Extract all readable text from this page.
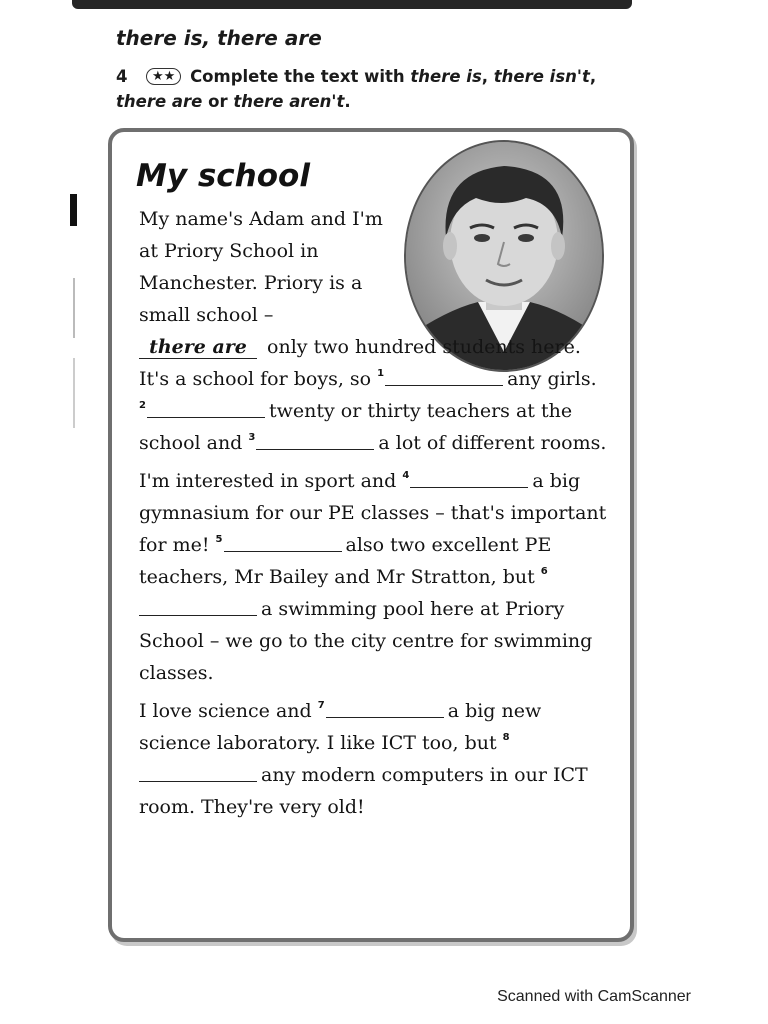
there is, there are
4 ★★ Complete the text with there is, there isn't, there are or there aren't.
My school

My name's Adam and I'm at Priory School in Manchester. Priory is a small school –
there are only two hundred students here. It's a school for boys, so $^1$	any girls. $^2$	twenty or thirty teachers at the school and $^3$	a lot of different rooms.

I'm interested in sport and $^4$	a big gymnasium for our PE classes – that's important for me! $^5$	also two excellent PE teachers, Mr Bailey and Mr Stratton, but $^6$a swimming pool here at Priory School – we go to the city centre for swimming classes.

I love science and $^7$	a big new science laboratory. I like ICT too, but $^8$any modern computers in our ICT room. They're very old!

Scanned with CamScanner
